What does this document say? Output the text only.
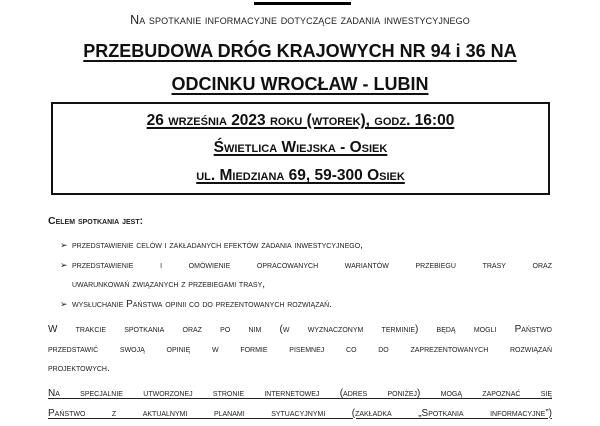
Na spotkanie informacyjne dotyczące zadania inwestycyjnego
PRZEBUDOWA DRÓG KRAJOWYCH NR 94 i 36 NA
ODCINKU WROCŁAW - LUBIN
26 września 2023 roku (wtorek), godz. 16:00
Świetlica Wiejska - Osiek
ul. Miedziana 69, 59-300 Osiek
Celem spotkania jest:
➢ przedstawienie celów i zakładanych efektów zadania inwestycyjnego,
➢ przedstawienie i omówienie opracowanych wariantów przebiegu trasy oraz
uwarunkowań związanych z przebiegami trasy,
➢ wysłuchanie Państwa opinii co do prezentowanych rozwiązań.
W trakcie spotkania oraz po nim (w wyznaczonym terminie) będą mogli Państwo
przedstawić swoją opinię w formie pisemnej co do zaprezentowanych rozwiązań
projektowych.
Na specjalnie utworzonej stronie internetowej (adres poniżej) mogą zapoznać się
Państwo z aktualnymi planami sytuacyjnymi (zakładka „Spotkania informacyjne”)
